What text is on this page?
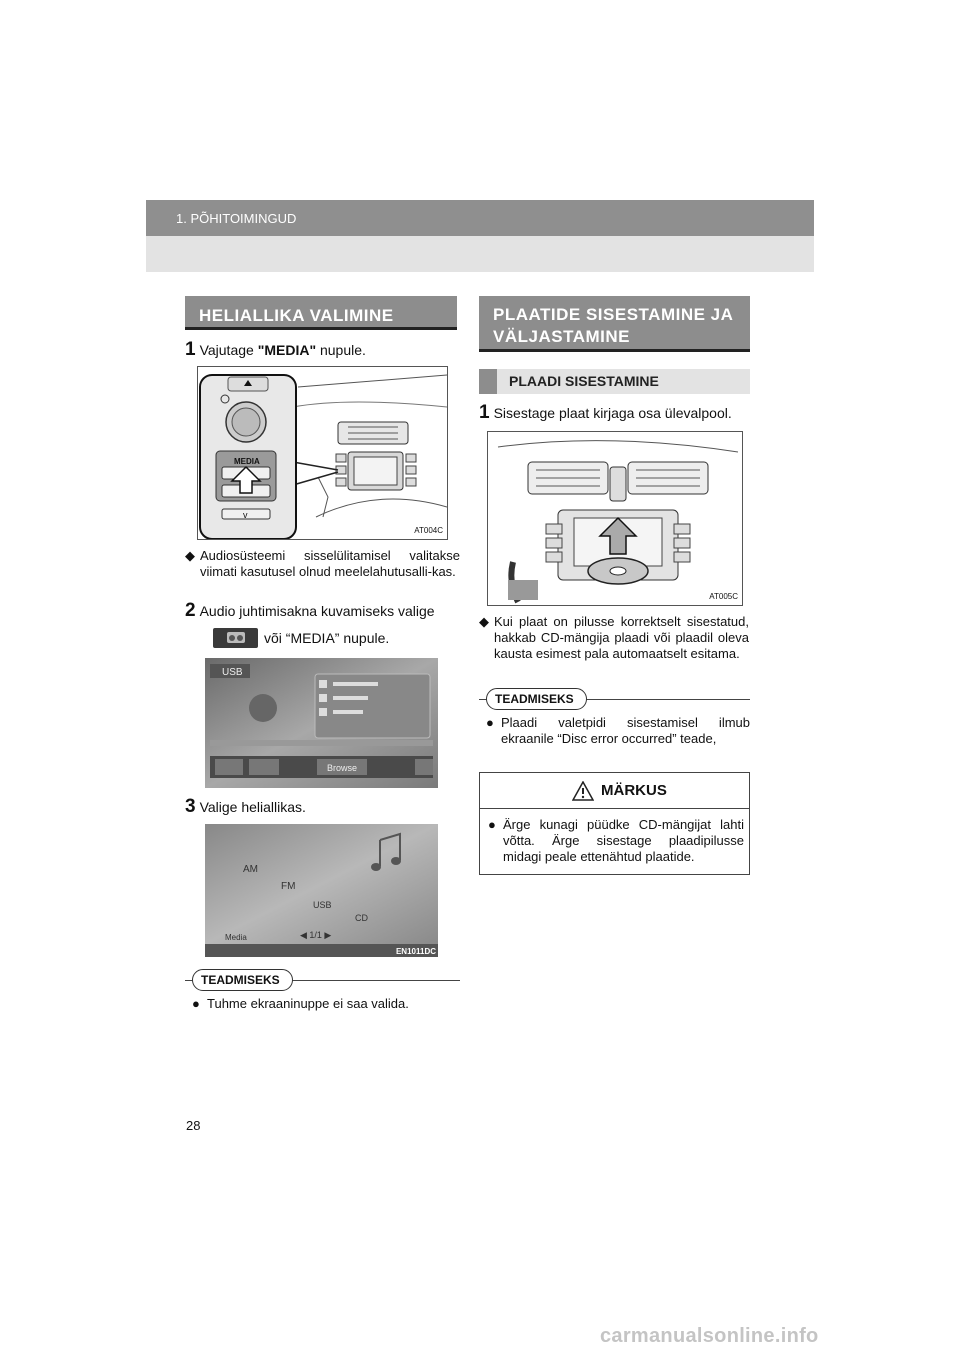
1. PÕHITOIMINGUD
HELIALLIKA VALIMINE
1 Vajutage "MEDIA" nupule.
MEDIA
v
AT004C
◆ Audiosüsteemi sisselülitamisel valitakse viimati kasutusel olnud meelelahutusalli-kas.
2 Audio juhtimisakna kuvamiseks valige
või “MEDIA” nupule.
USB
Browse
3 Valige heliallikas.
AM
FM
USB
CD
Media	◀ 1/1 ▶
EN1011DC
TEADMISEKS
● Tuhme ekraaninuppe ei saa valida.
PLAATIDE SISESTAMINE JA
VÄLJASTAMINE
PLAADI SISESTAMINE
1 Sisestage plaat kirjaga osa ülevalpool.
AT005C
◆ Kui plaat on pilusse korrektselt sisestatud, hakkab CD-mängija plaadi või plaadil oleva kausta esimest pala automaatselt esitama.
TEADMISEKS
● Plaadi valetpidi sisestamisel ilmub ekraanile “Disc error occurred” teade,
MÄRKUS
● Ärge kunagi püüdke CD-mängijat lahti võtta. Ärge sisestage plaadipilusse midagi peale ettenähtud plaatide.
28
carmanualsonline.info
